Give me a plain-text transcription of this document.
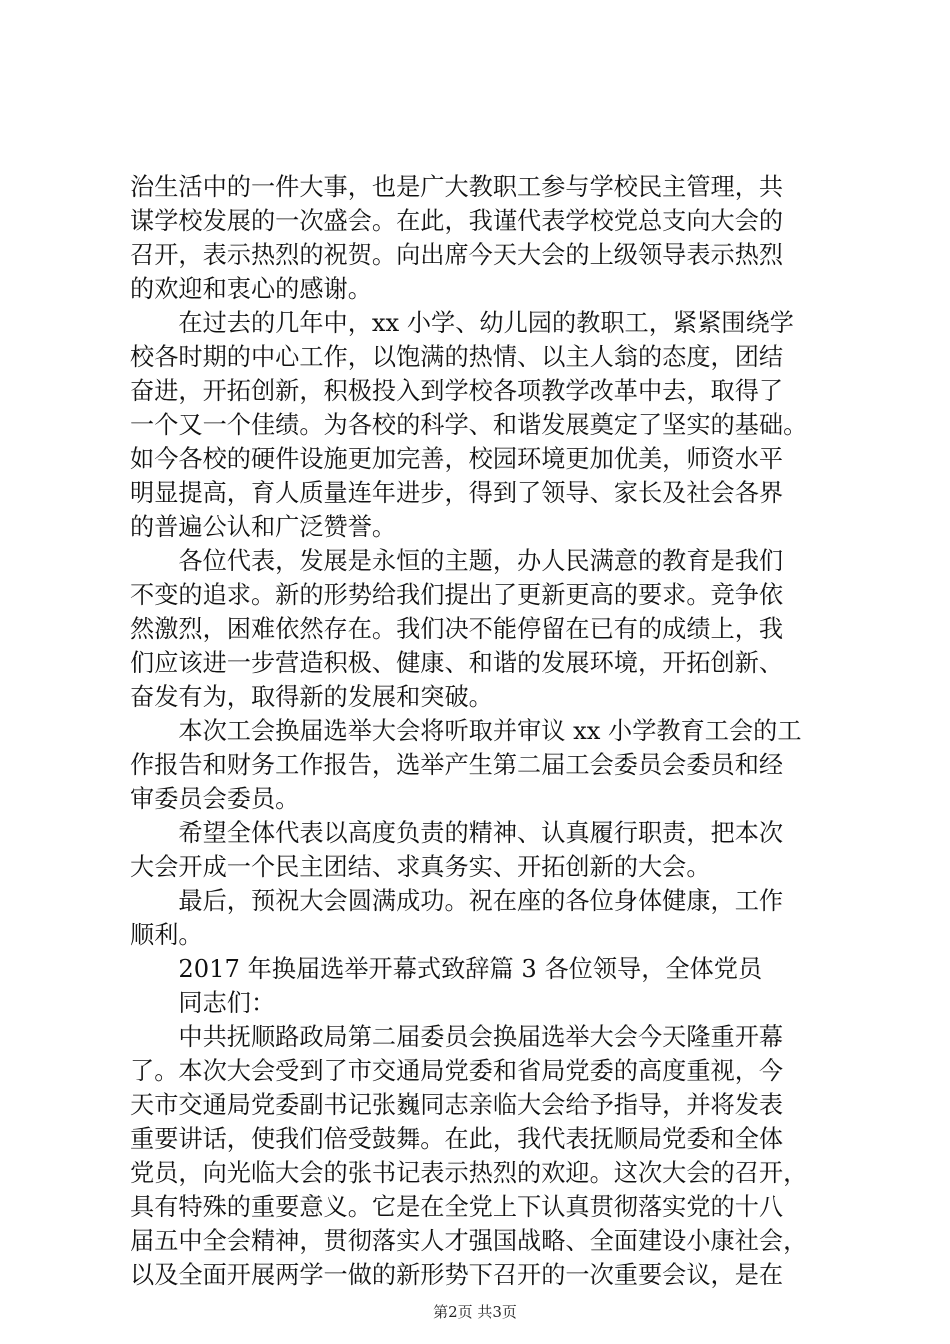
治生活中的一件大事，也是广大教职工参与学校民主管理，共
谋学校发展的一次盛会。在此，我谨代表学校党总支向大会的
召开，表示热烈的祝贺。向出席今天大会的上级领导表示热烈
的欢迎和衷心的感谢。
　　在过去的几年中，xx 小学、幼儿园的教职工，紧紧围绕学
校各时期的中心工作，以饱满的热情、以主人翁的态度，团结
奋进，开拓创新，积极投入到学校各项教学改革中去，取得了
一个又一个佳绩。为各校的科学、和谐发展奠定了坚实的基础。
如今各校的硬件设施更加完善，校园环境更加优美，师资水平
明显提高，育人质量连年进步，得到了领导、家长及社会各界
的普遍公认和广泛赞誉。
　　各位代表，发展是永恒的主题，办人民满意的教育是我们
不变的追求。新的形势给我们提出了更新更高的要求。竞争依
然激烈，困难依然存在。我们决不能停留在已有的成绩上，我
们应该进一步营造积极、健康、和谐的发展环境，开拓创新、
奋发有为，取得新的发展和突破。
　　本次工会换届选举大会将听取并审议 xx 小学教育工会的工
作报告和财务工作报告，选举产生第二届工会委员会委员和经
审委员会委员。
　　希望全体代表以高度负责的精神、认真履行职责，把本次
大会开成一个民主团结、求真务实、开拓创新的大会。
　　最后，预祝大会圆满成功。祝在座的各位身体健康，工作
顺利。
　　2017 年换届选举开幕式致辞篇 3 各位领导，全体党员
　　同志们：
　　中共抚顺路政局第二届委员会换届选举大会今天隆重开幕
了。本次大会受到了市交通局党委和省局党委的高度重视，今
天市交通局党委副书记张巍同志亲临大会给予指导，并将发表
重要讲话，使我们倍受鼓舞。在此，我代表抚顺局党委和全体
党员，向光临大会的张书记表示热烈的欢迎。这次大会的召开，
具有特殊的重要意义。它是在全党上下认真贯彻落实党的十八
届五中全会精神，贯彻落实人才强国战略、全面建设小康社会，
以及全面开展两学一做的新形势下召开的一次重要会议，是在
第2页 共3页
